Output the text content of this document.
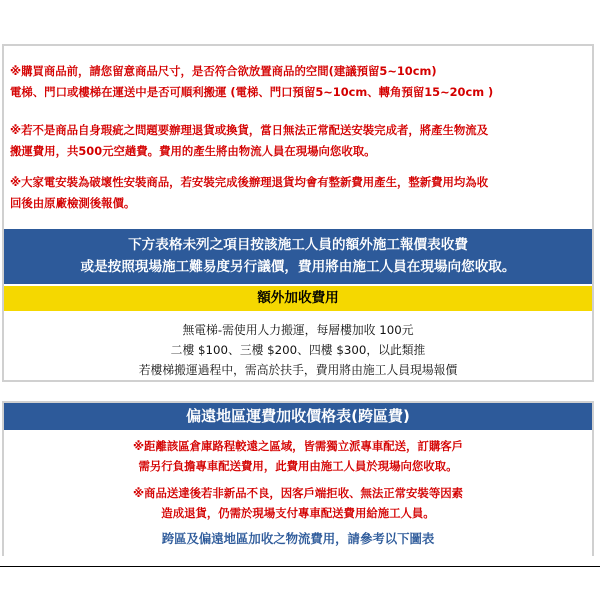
※購買商品前，請您留意商品尺寸，是否符合欲放置商品的空間(建議預留5~10cm)
電梯、門口或樓梯在運送中是否可順利搬運 (電梯、門口預留5~10cm、轉角預留15~20cm )
※若不是商品自身瑕疵之問題要辦理退貨或換貨，當日無法正常配送安裝完成者，將產生物流及
搬運費用，共500元空趟費。費用的產生將由物流人員在現場向您收取。
※大家電安裝為破壞性安裝商品，若安裝完成後辦理退貨均會有整新費用產生，整新費用均為收
回後由原廠檢測後報價。
下方表格未列之項目按該施工人員的額外施工報價表收費
或是按照現場施工難易度另行議價，費用將由施工人員在現場向您收取。
額外加收費用
無電梯-需使用人力搬運，每層樓加收 100元
二樓 $100、三樓 $200、四樓 $300，以此類推
若樓梯搬運過程中，需高於扶手，費用將由施工人員現場報價
偏遠地區運費加收價格表(跨區費)
※距離該區倉庫路程較遠之區域，皆需獨立派專車配送，訂購客戶
需另行負擔專車配送費用，此費用由施工人員於現場向您收取。
※商品送達後若非新品不良，因客戶端拒收、無法正常安裝等因素
造成退貨，仍需於現場支付專車配送費用給施工人員。
跨區及偏遠地區加收之物流費用，請參考以下圖表
